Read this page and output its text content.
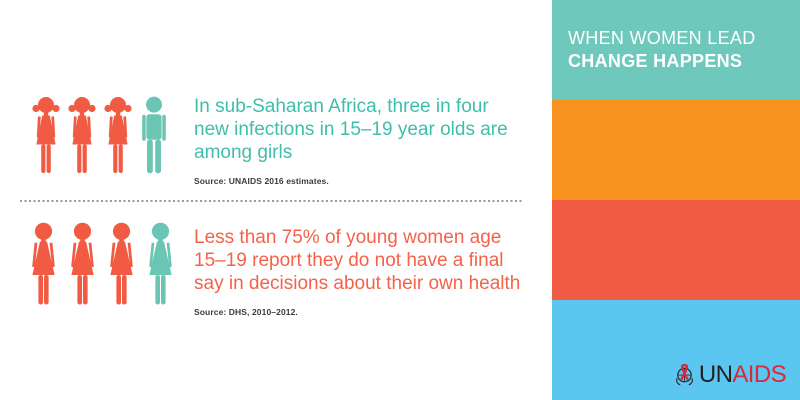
In sub-Saharan Africa, three in four
new infections in 15–19 year olds are
among girls
Source: UNAIDS 2016 estimates.
Less than 75% of young women age
15–19 report they do not have a final
say in decisions about their own health
Source: DHS, 2010–2012.
WHEN WOMEN LEAD
CHANGE HAPPENS
UNAIDS
